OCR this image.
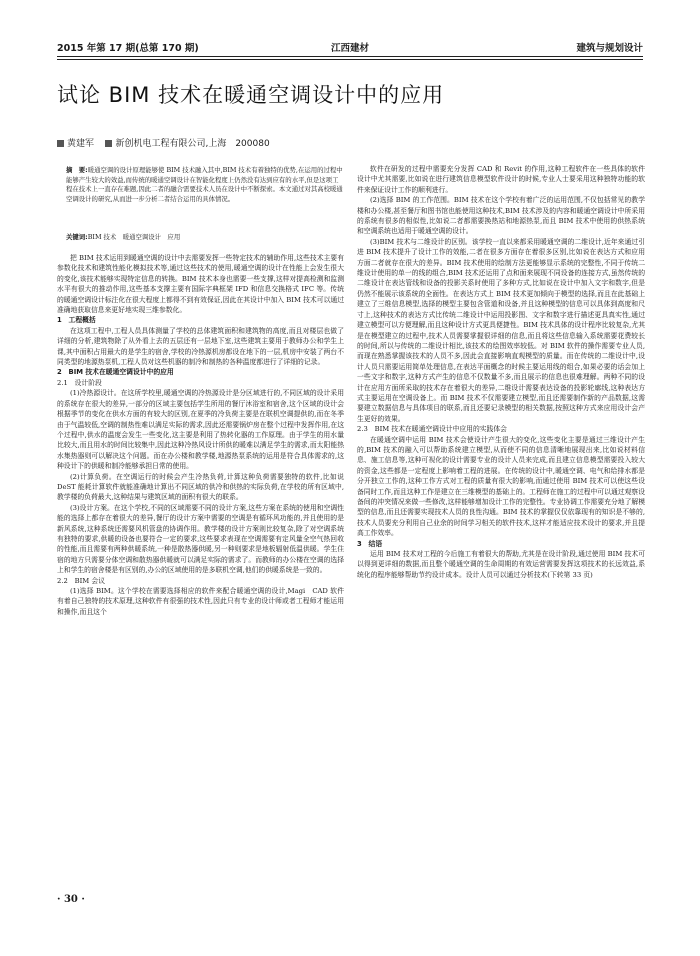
2015 年第 17 期(总第 170 期)	江西建材	建筑与规划设计
试论 BIM 技术在暖通空调设计中的应用
黄建军 新创机电工程有限公司,上海　200080
摘　要:暖通空调的设计原理能够使 BIM 技术融入其中,BIM 技术有着独特的优势,在运用的过程中能够产生较大的效益,而传统的暖通空调设计在智能化程度上仍然没有达到应有的水平,但是这项工程在技术上一直存在难题,因此二者的融合需要技术人员在设计中不断探索。本文通过对其高校暖通空调设计的研究,从而进一步分析二者结合运用的具体情况。
关键词:BIM 技术　暖通空调设计　应用

把 BIM 技术运用到暖通空调的设计中去需要发挥一些特定技术的辅助作用,这些技术主要有参数化技术和建筑性能化模拟技术等,通过这些技术的使用,暖通空调的设计在性能上会发生很大的变化,该技术能够实现特定信息的转换。BIM 技术本身也需要一些支撑,这样对提高检测和监测水平有很大的推动作用,这些基本支撑主要有国际字典框架 IFD 和信息交换格式 IFC 等。传统的暖通空调设计标注化在很大程度上都得不到有效保证,因此在其设计中加入 BIM 技术可以通过准确地获取信息来更好地实现三维参数化。

1　工程概括

在这项工程中,工程人员具体测量了学校的总体建筑面积和建筑物的高度,而且对楼层也做了详细的分析,建筑物除了从外看上去的五层还有一层地下室,这些建筑主要用于教师办公和学生上课,其中面积占用最大的是学生的宿舍,学校的冷热源机房都设在地下的一层,机房中安装了两台不同类型的地源热泵机,工程人员对这些机器的制冷和制热的各种温度都进行了详细的记录。

2　BIM 技术在暖通空调设计中的应用

2.1　设计阶段

(1)冷热源设计。在这所学校里,暖通空调的冷热源设计是分区域进行的,不同区域的设计采用的系统存在很大的差异,一部分的区域主要包括学生所用的餐厅沐浴室和宿舍,这个区域的设计会根据季节的变化在供水方面的有较大的区别,在夏季的冷负荷主要是在联机空调提供的,而在冬季由于气温较低,空调的制热性难以满足实际的需求,因此还需要锅炉房在整个过程中发挥作用,在这个过程中,供水的温度会发生一些变化,这主要是利用了热转化器的工作原理。由于学生的用水量比较大,而且用水的时间比较集中,因此这种冷热风设计所供的暖难以满足学生的需求,而太阳能热水集热器则可以解决这个问题。而在办公楼和教学楼,地源热泵系统的运用是符合具体需求的,这种设计下的供暖和制冷能够承担日常的使用。

(2)计算负荷。在空调运行的时候会产生冷热负荷,计算这种负荷需要独特的软件,比如说 DeST 能耗计算软件就能准确地计算出不同区域的供冷和供热的实际负荷,在学校的所有区域中,教学楼的负荷最大,这种结果与建筑区域的面积有很大的联系。

(3)设计方案。在这个学校,不同的区域需要不同的设计方案,这些方案在系统的使用和空调性能的选择上都存在着很大的差异,餐厅的设计方案中需要的空调是有循环风功能的,并且使用的是新风系统,这种系统还需要风机管盘的协调作用。教学楼的设计方案则比较复杂,除了对空调系统有独特的要求,供暖的设备也要符合一定的要求,这些要求表现在空调需要有定风量全空气热回收的性能,而且需要有两种供暖系统,一种是散热器供暖,另一种则要求是地板辐射低温供暖。学生住宿的地方只需要分体空调和散热器供暖就可以满足实际的需求了。而教师的办公楼在空调的选择上和学生的宿舍楼是有区别的,办公的区域使用的是多联机空调,他们的供暖系统是一致的。

2.2　BIM 会议

(1)选择 BIM。这个学校在需要选择相应的软件来配合暖通空调的设计,Magi　CAD 软件有着自己独特的技术原理,这种软件有很强的技术性,因此只有专业的设计师或者工程师才能运用和操作,而且这个

软件在研发的过程中需要充分发挥 CAD 和 Revit 的作用,这种工程软件在一些具体的软件设计中尤其需要,比如说在进行建筑信息模型软件设计的时候,专业人士要采用这种独特功能的软件来保证设计工作的顺利进行。

(2)选择 BIM 的工作范围。BIM 技术在这个学校有着广泛的运用范围,不仅包括常见的教学楼和办公楼,甚至餐厅和图书馆也能使用这种技术,BIM 技术涉及的内容和暖通空调设计中所采用的系统有很多的相似性,比如说二者都需要换热站和地源热泵,而且 BIM 技术中使用的供热系统和空调系统也适用于暖通空调的设计。

(3)BIM 技术与二维设计的区别。该学校一直以来都采用暖通空调的二维设计,近年来通过引进 BIM 技术提升了设计工作的效能,二者在很多方面存在着很多区别,比如说在表达方式和应用方面二者就存在很大的差异。BIM 技术使用的绘制方法更能够显示系统的完整性,不同于传统二维设计使用的单一的线的组合,BIM 技术还运用了点和面来展现不同设备的连接方式,虽然传统的二维设计在表达管线和设备的投影关系时使用了多种方式,比如说在设计中加入文字和数字,但是仍然不能展示该系统的全面性。在表达方式上 BIM 技术更加倾向于模型的选择,而且在此基础上建立了三维信息模型,选择的模型主要包含管道和设备,并且这种模型的信息可以具体到高度和尺寸上,这种技术的表达方式比传统二维设计中运用投影图、文字和数字进行描述更具真实性,通过建立模型可以方便理解,而且这种设计方式更具便捷性。BIM 技术具体的设计程序比较复杂,尤其是在模型建立的过程中,技术人员需要掌握很详细的信息,而且将这些信息输入系统需要花费较长的时间,所以与传统的二维设计相比,该技术的绘图效率较低。对 BIM 软件的操作需要专业人员,而现在熟悉掌握该技术的人员不多,因此会直接影响直观模型的质量。而在传统的二维设计中,设计人员只需要运用简单处理信息,在表达平面概念的时候主要运用线的组合,如果必要的话会加上一些文字和数字,这种方式产生的信息不仅数量不多,而且展示的信息也很难理解。两种不同的设计在应用方面所采取的技术存在着很大的差异,二维设计需要表达设备的投影轮廓线,这种表达方式主要运用在空调设备上。而 BIM 技术不仅需要建立模型,而且还需要制作新的产品数据,这需要建立数据信息与具体项目的联系,而且还要记录模型的相关数据,按照这种方式来应用设计会产生更好的效果。

2.3　BIM 技术在暖通空调设计中应用的实践体会

在暖通空调中运用 BIM 技术会使设计产生很大的变化,这些变化主要是通过三维设计产生的,BIM 技术的融入可以帮助系统建立模型,从而使不同的信息清晰地展现出来,比如说材料信息、施工信息等,这种可视化的设计需要专业的设计人员来完成,而且建立信息模型需要投入较大的资金,这些都是一定程度上影响着工程的进展。在传统的设计中,暖通空调、电气和给排水都是分开独立工作的,这种工作方式对工程的质量有很大的影响,而通过使用 BIM 技术可以使这些设备同时工作,而且这种工作是建立在三维模型的基础上的。工程师在施工的过程中可以通过观察设备间的冲突情况来做一些修改,这样能够增加设计工作的完整性。专业协调工作需要充分地了解模型的信息,而且还需要实现技术人员的良性沟通。BIM 技术的掌握仅仅依靠现有的知识是不够的,技术人员要充分利用自己业余的时间学习相关的软件技术,这样才能适应技术设计的要求,并且提高工作效率。

3　结语

运用 BIM 技术对工程的今后施工有着很大的帮助,尤其是在设计阶段,通过使用 BIM 技术可以得到更详细的数据,而且整个暖通空调的生命周期的有效运营需要发挥这项技术的长远效益,系统化的程序能够帮助节约设计成本。设计人员可以通过分析技术(下转第 33 页)

· 30 ·
